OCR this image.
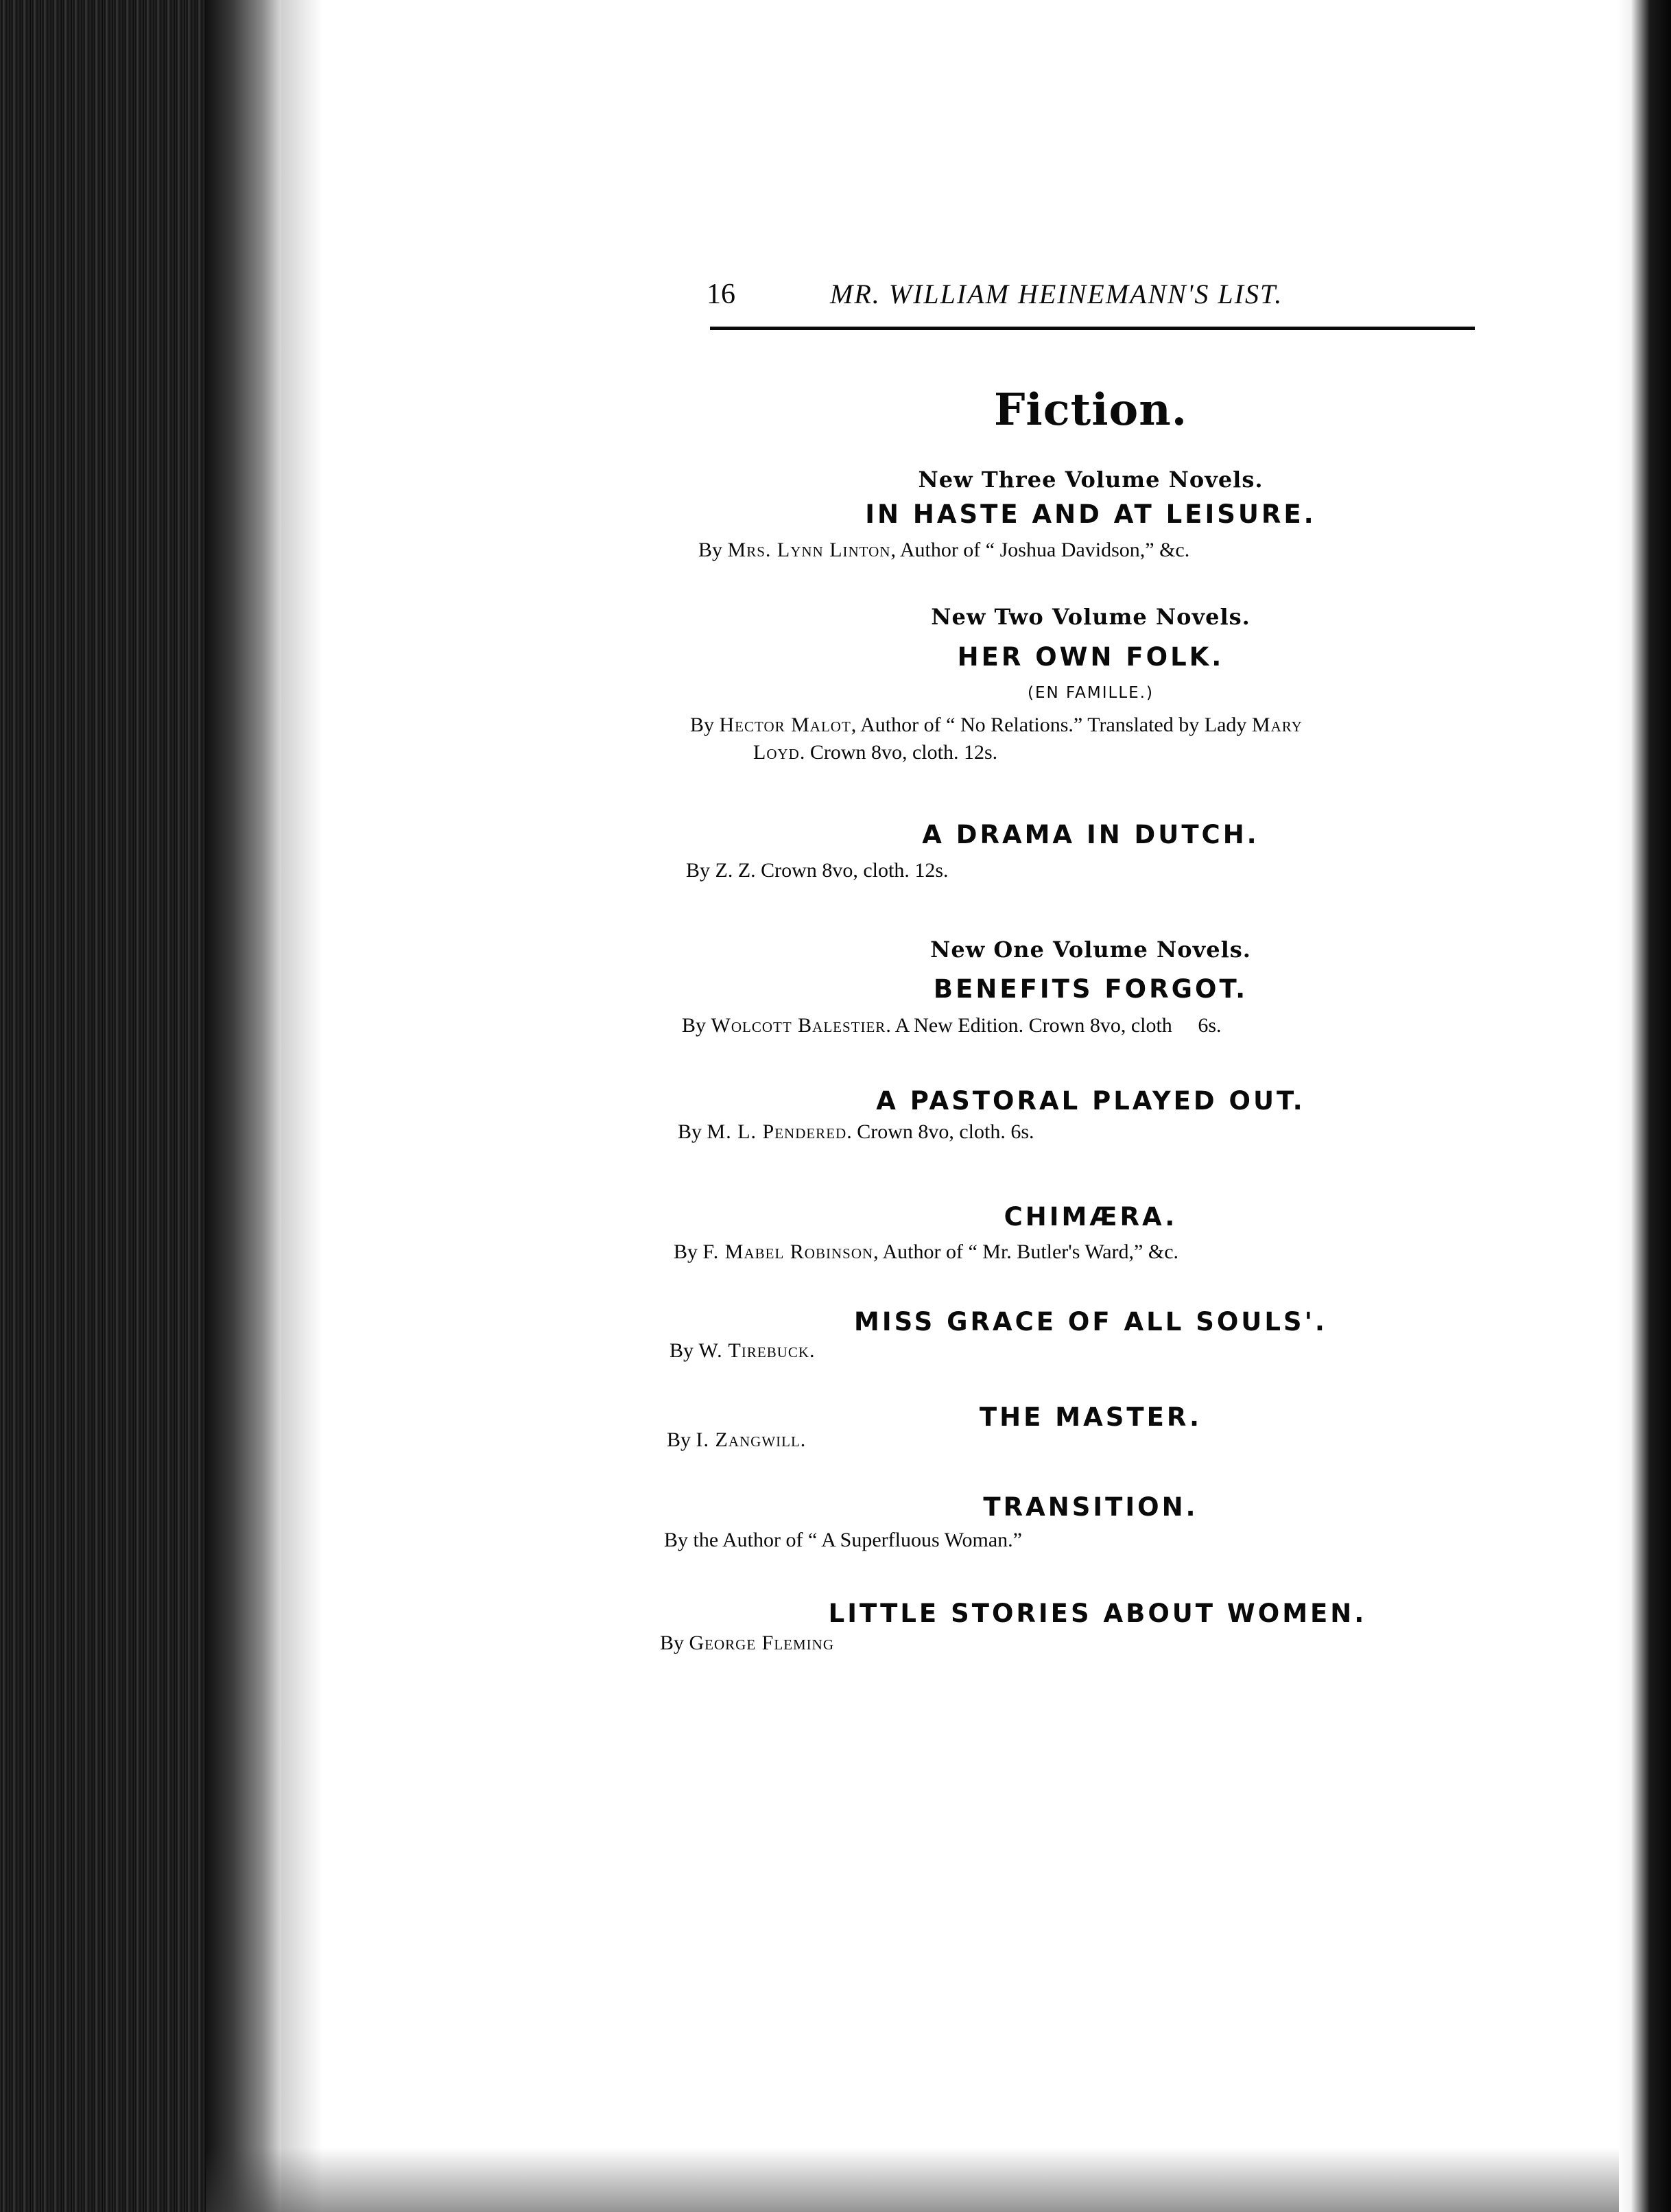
16	MR. WILLIAM HEINEMANN'S LIST.
Fiction.
New Three Volume Novels.
IN HASTE AND AT LEISURE.
By Mrs. Lynn Linton, Author of “ Joshua Davidson,” &c.
New Two Volume Novels.
HER OWN FOLK.
(EN FAMILLE.)
By Hector Malot, Author of “ No Relations.” Translated by Lady Mary
Loyd. Crown 8vo, cloth. 12s.
A DRAMA IN DUTCH.
By Z. Z. Crown 8vo, cloth. 12s.
New One Volume Novels.
BENEFITS FORGOT.
By Wolcott Balestier. A New Edition. Crown 8vo, cloth 6s.
A PASTORAL PLAYED OUT.
By M. L. Pendered. Crown 8vo, cloth. 6s.
CHIMÆRA.
By F. Mabel Robinson, Author of “ Mr. Butler's Ward,” &c.
MISS GRACE OF ALL SOULS'.
By W. Tirebuck.
THE MASTER.
By I. Zangwill.
TRANSITION.
By the Author of “ A Superfluous Woman.”
LITTLE STORIES ABOUT WOMEN.
By George Fleming
